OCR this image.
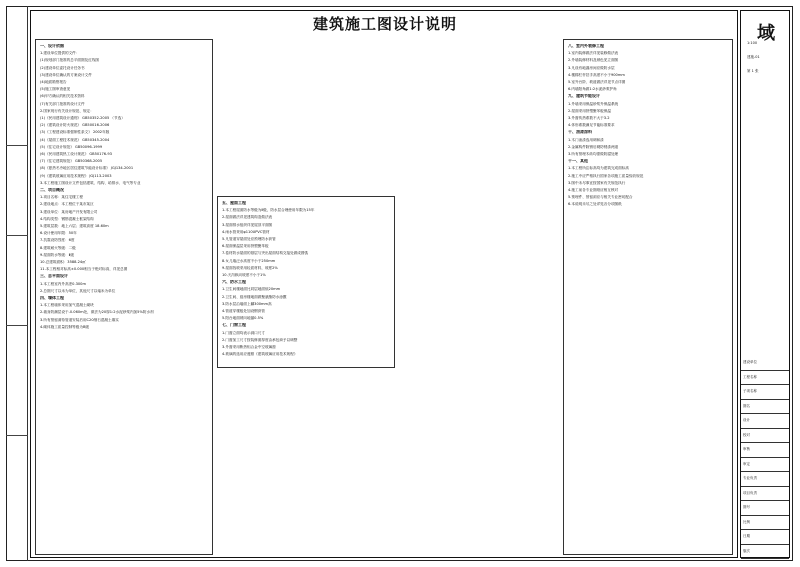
建筑施工图设计说明
一、设计依据
1.建设单位提供的文件：
(1)规划部门批准的总平面图及红线图
(2)建设单位委托设计任务书
(3)建设单位确认的方案设计文件
(4)地质勘察报告
(5)施工图审查意见
(6)甲方确认的相关技术资料
(7)有关部门批准的设计文件
2.国家现行有关设计规范、规定：
(1)《民用建筑设计通则》 GB50352-2005 （节选）
(2)《建筑设计防火规范》 GB50016-2006
(3)《工程建设标准强制性条文》 2002年版
(4)《屋面工程技术规范》 GB50345-2004
(5)《住宅设计规范》 GB50096-1999
(6)《民用建筑热工设计规范》 GB50176-93
(7)《住宅建筑规范》 GB50368-2005
(8)《夏热冬冷地区居住建筑节能设计标准》 JGJ134-2001
(9)《建筑玻璃应用技术规程》 JGJ113-2003
3.本工程施工图设计文件包括建筑、结构、给排水、电气等专业
二、项目概况
1.项目名称：某住宅楼工程
2.建设地点：本工程位于某市某区
3.建设单位：某房地产开发有限公司
4.结构类型：钢筋混凝土框架结构
5.建筑层数：地上六层；建筑高度 18.60m
6.设计使用年限：50年
7.抗震设防烈度：6度
8.建筑耐火等级：二级
9.屋面防水等级：Ⅱ级
10.总建筑面积：3588.24㎡
11.本工程相对标高±0.000相当于绝对标高，详见总图
三、总平面设计
1.本工程室内外高差0.300m
2.总图尺寸以米为单位，其他尺寸以毫米为单位
四、墙体工程
1.本工程墙体采用加气混凝土砌块
2.墙身防潮层设于-0.060m处，做法为20厚1:2水泥砂浆内加5%防水剂
3.所有预留洞待管道安装后用C20细石混凝土填实
4.砌体施工质量控制等级为B级
五、屋面工程
1.本工程屋面防水等级为Ⅱ级，防水层合理使用年限为15年
2.屋面做法详见建筑构造做法表
3.屋面排水组织详见屋顶平面图
4.雨水管采用φ110UPVC管材
5.凡管道穿屋面处应预埋防水套管
6.屋面保温层采用挤塑聚苯板
7.卷材防水屋面的基层与突出屋面结构交接处做成圆弧
8.女儿墙泛水高度不小于250mm
9.屋面找坡采用轻质材料，坡度2%
10.天沟纵向坡度不小于1%
六、防水工程
1.卫生间楼地面比同层地面低20mm
2.卫生间、厨房楼地面做聚氨酯防水涂膜
3.防水层沿墙面上翻300mm高
4.管道穿楼板处加设钢套管
5.阳台地面坡向地漏0.5%
七、门窗工程
1.门窗立面均表示洞口尺寸
2.门窗加工尺寸按装修面厚度由承包商予以调整
3.外窗采用断热铝合金中空玻璃窗
4.玻璃的选用应遵照《建筑玻璃应用技术规程》
八、室内外装修工程
1.室内装修做法详见装修做法表
2.外墙装修材料及颜色见立面图
3.凡设有地漏房间应做防水层
4.楼梯栏杆扶手高度不小于900mm
5.室外台阶、坡道做法详见节点详图
6.内墙阳角做1:2水泥砂浆护角
九、建筑节能设计
1.外墙采用保温砂浆外保温系统
2.屋面采用挤塑聚苯板保温
3.外窗传热系数不大于3.2
4.体形系数满足节能标准要求
十、油漆涂料
1.木门油漆选用调和漆
2.金属构件除锈后刷防锈漆两道
3.所有预埋木砖均需做防腐处理
十一、其他
1.本工程所注标高均为建筑完成面标高
2.施工中应严格执行国家各项施工质量验收规范
3.图中未尽事宜按国家有关规范执行
4.施工前各专业图纸应相互核对
5.预埋件、预留洞应与相关专业密切配合
6.本说明未尽之处详见各分项图纸
域
建设单位
工程名称
子项名称
图名
设计
校对
审核
审定
专业负责
项目负责
图号
比例
日期
版次
1:100
建施-01
第 1 张
